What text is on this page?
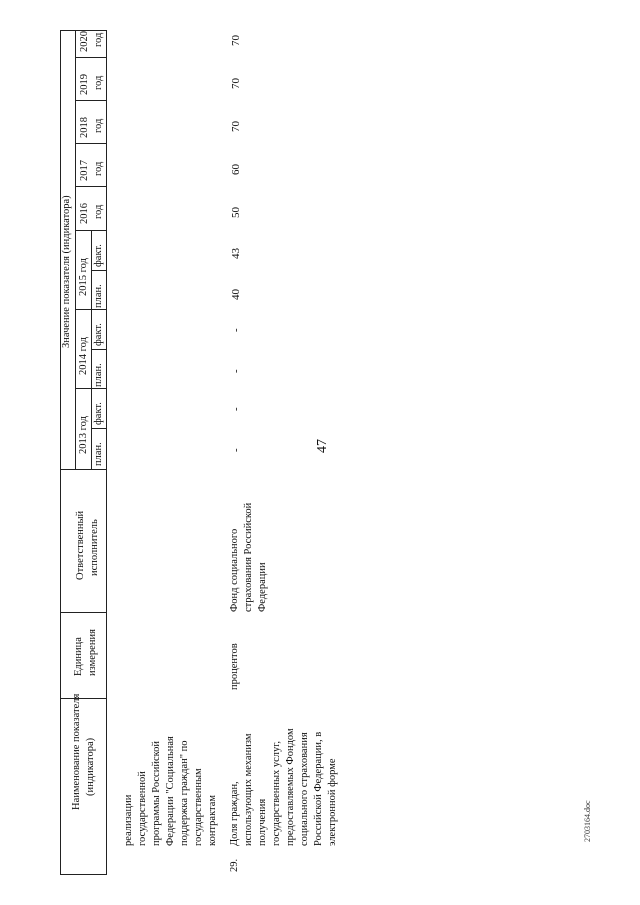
47
2703164.doc
Наименование показателя (индикатора)
Единица измерения
Ответственный исполнитель
Значение показателя (индикатора)
2013 год
2014 год
2015 год
план.
факт.
план.
факт.
план.
факт.
2016 год
2017 год
2018 год
2019 год
2020 год
реализации государственной программы Российской Федерации "Социальная поддержка граждан" по государственным контрактам
29.
Доля граждан, использующих механизм получения государственных услуг, предоставляемых Фондом социального страхования Российской Федерации, в электронной форме
процентов
Фонд социального страхования Российской Федерации
-
-
-
-
40
43
50
60
70
70
70
